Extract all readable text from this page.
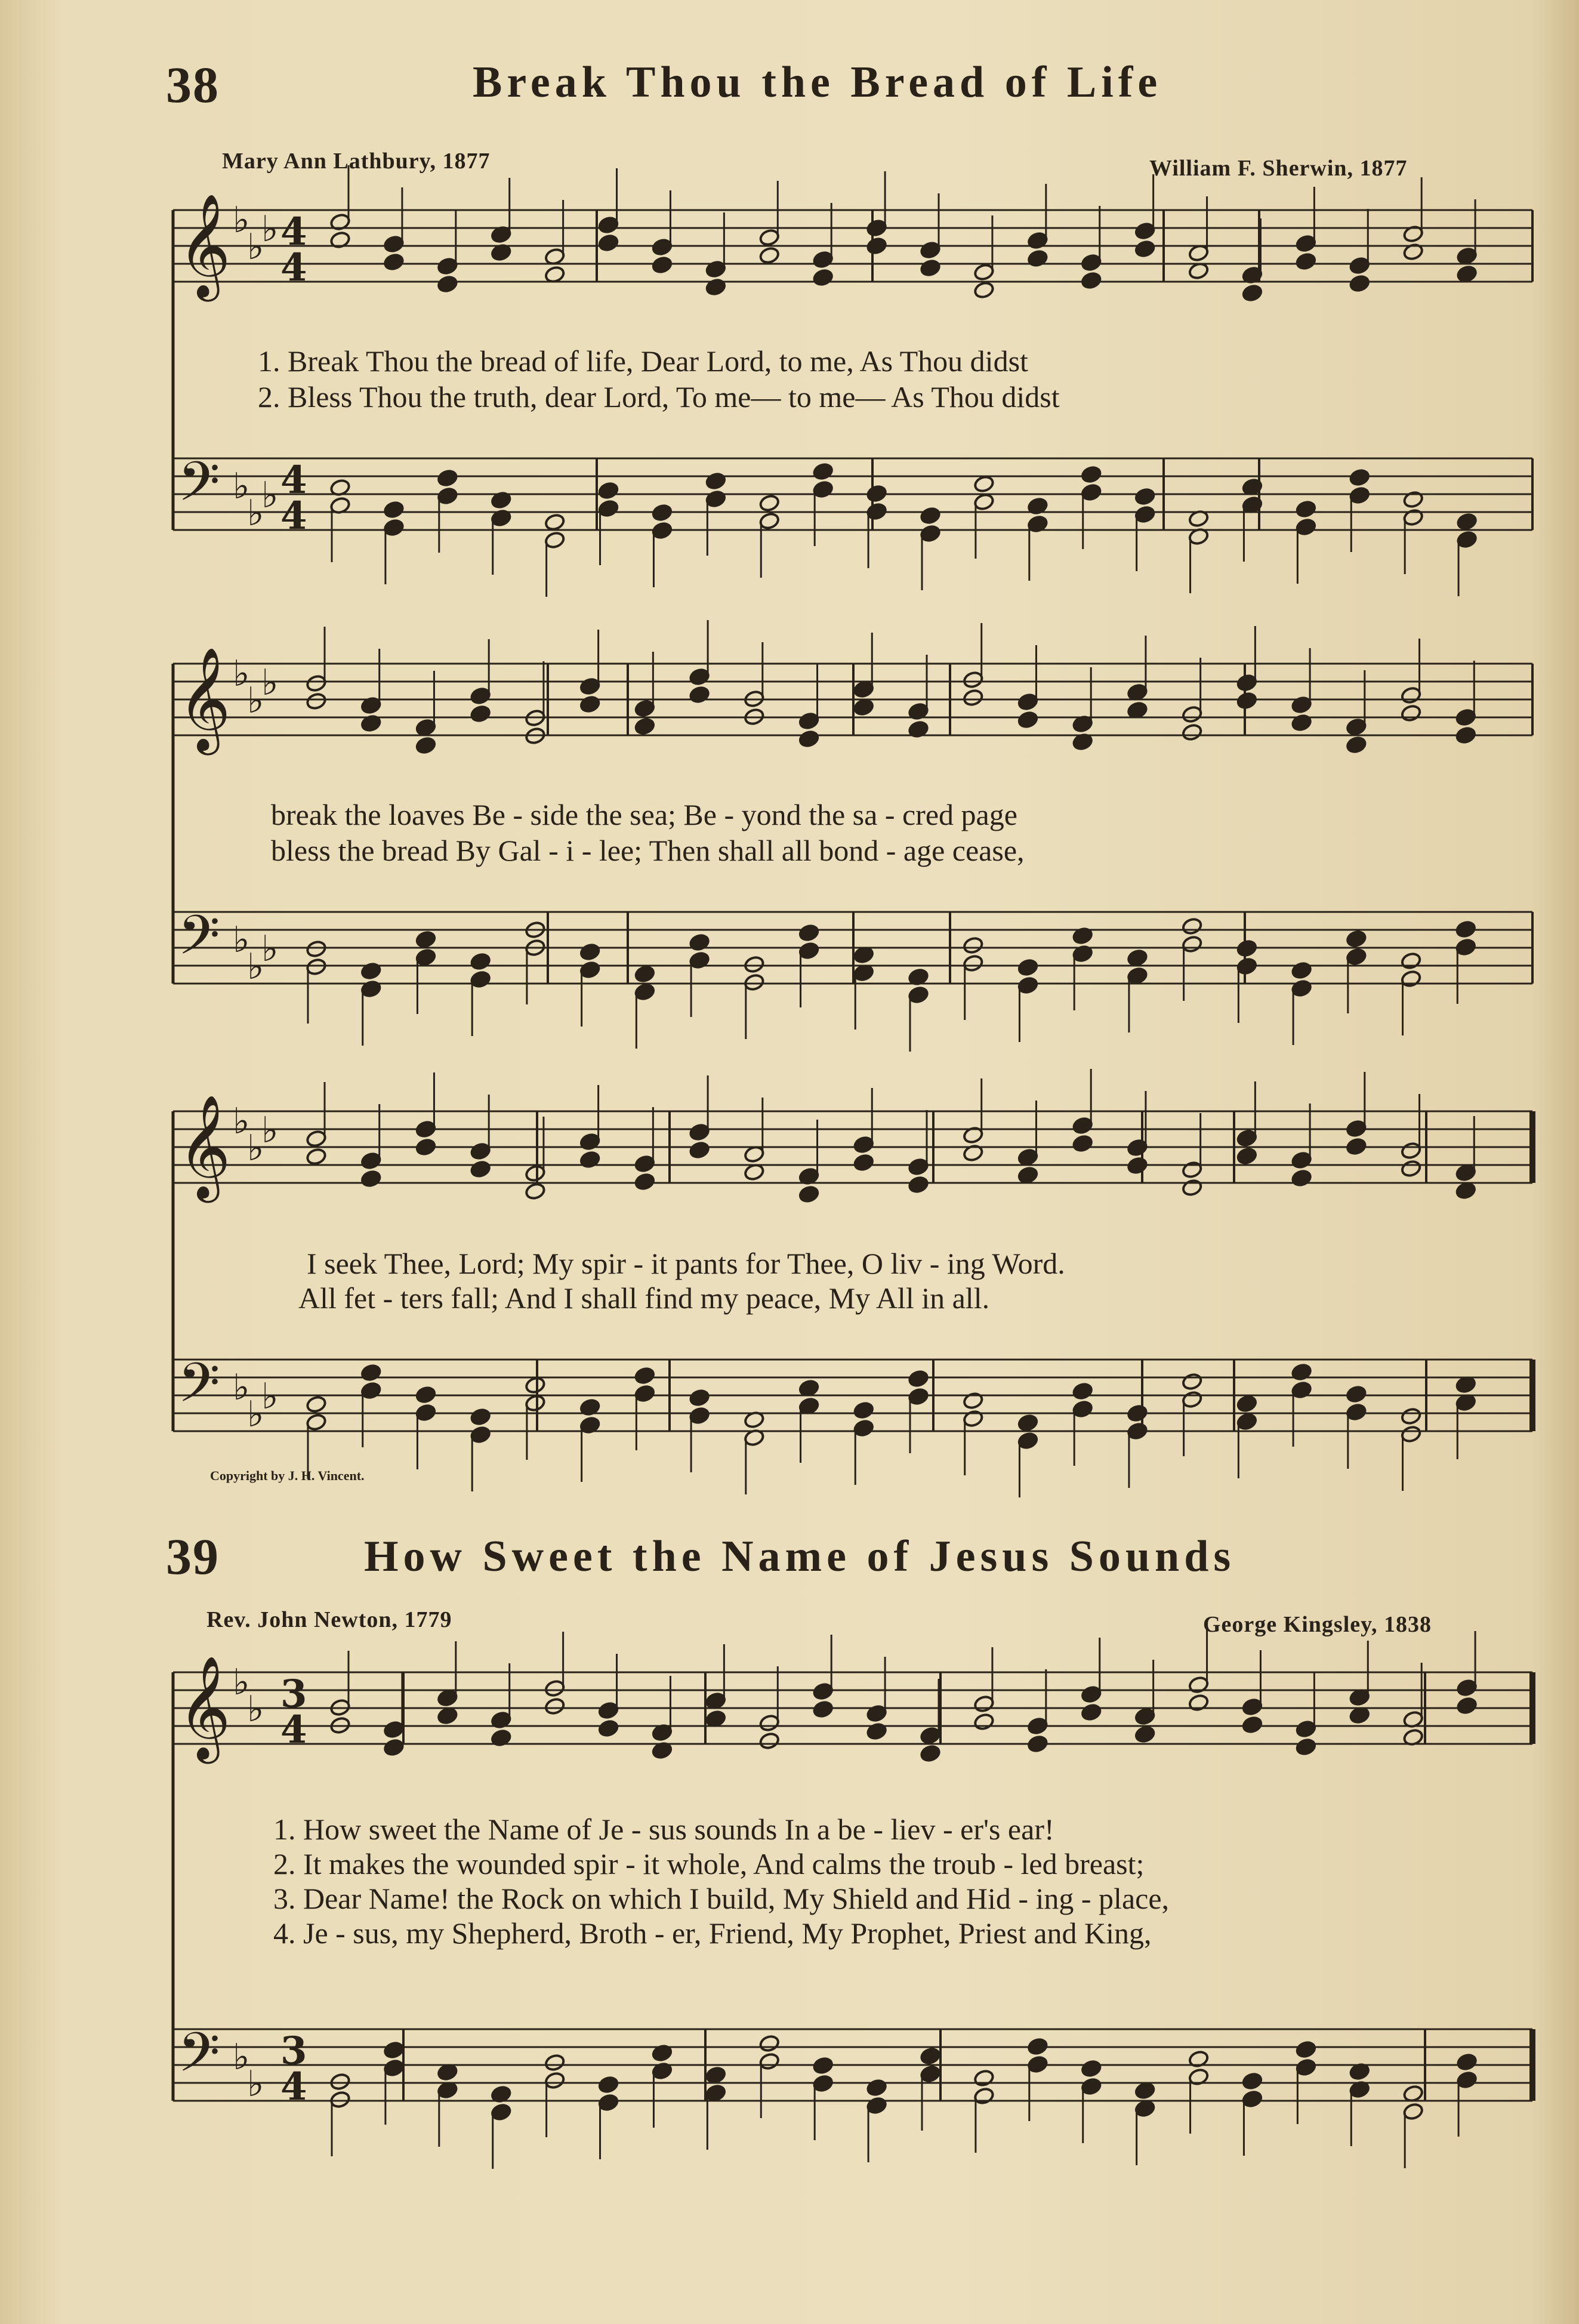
38	Break Thou the Bread of Life
Mary Ann Lathbury, 1877	William F. Sherwin, 1877
1. Break Thou the bread of life, Dear Lord, to me, As Thou didst
2. Bless Thou the truth, dear Lord, To me— to me— As Thou didst
break the loaves Be - side the sea; Be - yond the sa - cred page
bless the bread By Gal - i - lee; Then shall all bond - age cease,
I seek Thee, Lord; My spir - it pants for Thee, O liv - ing Word.
All fet - ters fall; And I shall find my peace, My All in all.
Copyright by J. H. Vincent.
39	How Sweet the Name of Jesus Sounds
Rev. John Newton, 1779	George Kingsley, 1838
1. How sweet the Name of Je - sus sounds In a be - liev - er's ear!
2. It makes the wounded spir - it whole, And calms the troub - led breast;
3. Dear Name! the Rock on which I build, My Shield and Hid - ing - place,
4. Je - sus, my Shepherd, Broth - er, Friend, My Prophet, Priest and King,
𝄞 ♭
♭
♭ 4
4
𝄢 ♭
♭
♭ 4
4
𝄞 ♭
♭
♭
𝄢 ♭
♭
♭
𝄞 ♭
♭
♭
𝄢 ♭
♭
♭
𝄞 ♭
♭ 3
4
𝄢 ♭
♭
3
4
